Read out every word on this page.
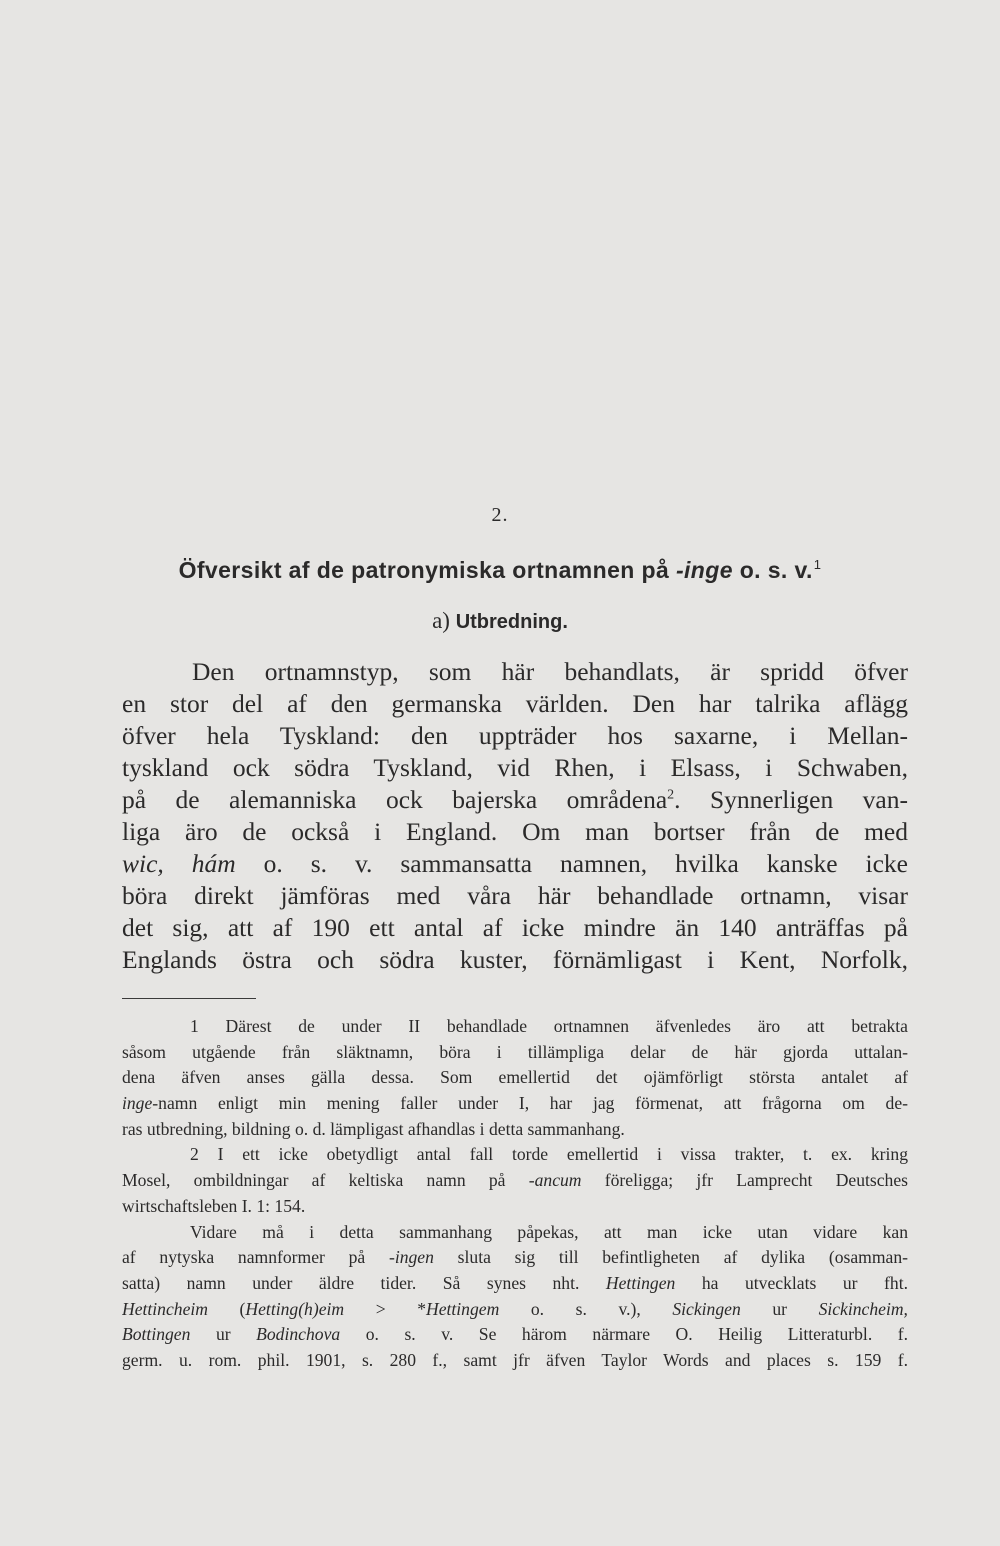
2.
Öfversikt af de patronymiska ortnamnen på -inge o. s. v.$^1$
a) Utbredning.
Den ortnamnstyp, som här behandlats, är spridd öfver
en stor del af den germanska världen. Den har talrika aflägg
öfver hela Tyskland: den uppträder hos saxarne, i Mellan-
tyskland ock södra Tyskland, vid Rhen, i Elsass, i Schwaben,
på de alemanniska ock bajerska områdena$^2$. Synnerligen van-
liga äro de också i England. Om man bortser från de med
wic, hám o. s. v. sammansatta namnen, hvilka kanske icke
böra direkt jämföras med våra här behandlade ortnamn, visar
det sig, att af 190 ett antal af icke mindre än 140 anträffas på
Englands östra och södra kuster, förnämligast i Kent, Norfolk,
1 Därest de under II behandlade ortnamnen äfvenledes äro att betrakta
såsom utgående från släktnamn, böra i tillämpliga delar de här gjorda uttalan-
dena äfven anses gälla dessa. Som emellertid det ojämförligt största antalet af
inge-namn enligt min mening faller under I, har jag förmenat, att frågorna om de-
ras utbredning, bildning o. d. lämpligast afhandlas i detta sammanhang.
2 I ett icke obetydligt antal fall torde emellertid i vissa trakter, t. ex. kring
Mosel, ombildningar af keltiska namn på -ancum föreligga; jfr Lamprecht Deutsches
wirtschaftsleben I. 1: 154.
Vidare må i detta sammanhang påpekas, att man icke utan vidare kan
af nytyska namnformer på -ingen sluta sig till befintligheten af dylika (osamman-
satta) namn under äldre tider. Så synes nht. Hettingen ha utvecklats ur fht.
Hettincheim (Hetting(h)eim > *Hettingem o. s. v.), Sickingen ur Sickincheim,
Bottingen ur Bodinchova o. s. v. Se härom närmare O. Heilig Litteraturbl. f.
germ. u. rom. phil. 1901, s. 280 f., samt jfr äfven Taylor Words and places s. 159 f.
